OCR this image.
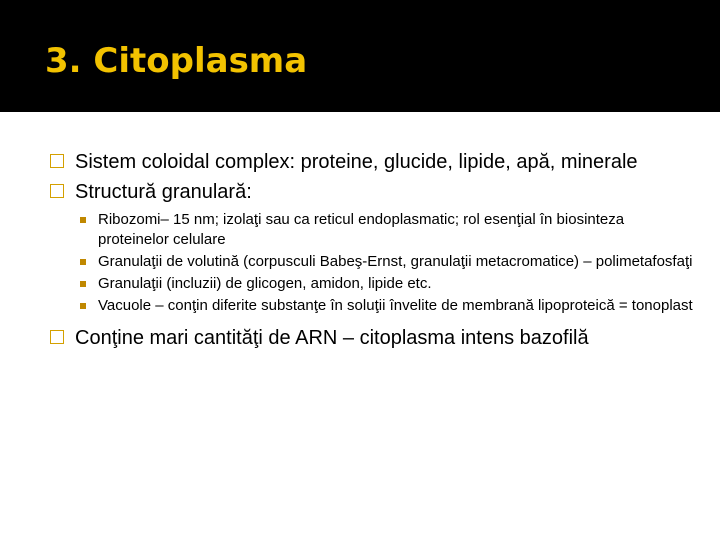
3. Citoplasma
Sistem coloidal complex: proteine, glucide, lipide, apă, minerale
Structură granulară:
Ribozomi– 15 nm; izolaţi sau ca reticul endoplasmatic; rol esenţial în biosinteza proteinelor celulare
Granulaţii de volutină (corpusculi Babeş-Ernst, granulaţii metacromatice) – polimetafosfaţi
Granulaţii (incluzii) de glicogen, amidon, lipide etc.
Vacuole – conţin diferite substanţe în soluţii învelite de membrană lipoproteică = tonoplast
Conţine mari cantităţi de ARN – citoplasma intens bazofilă
